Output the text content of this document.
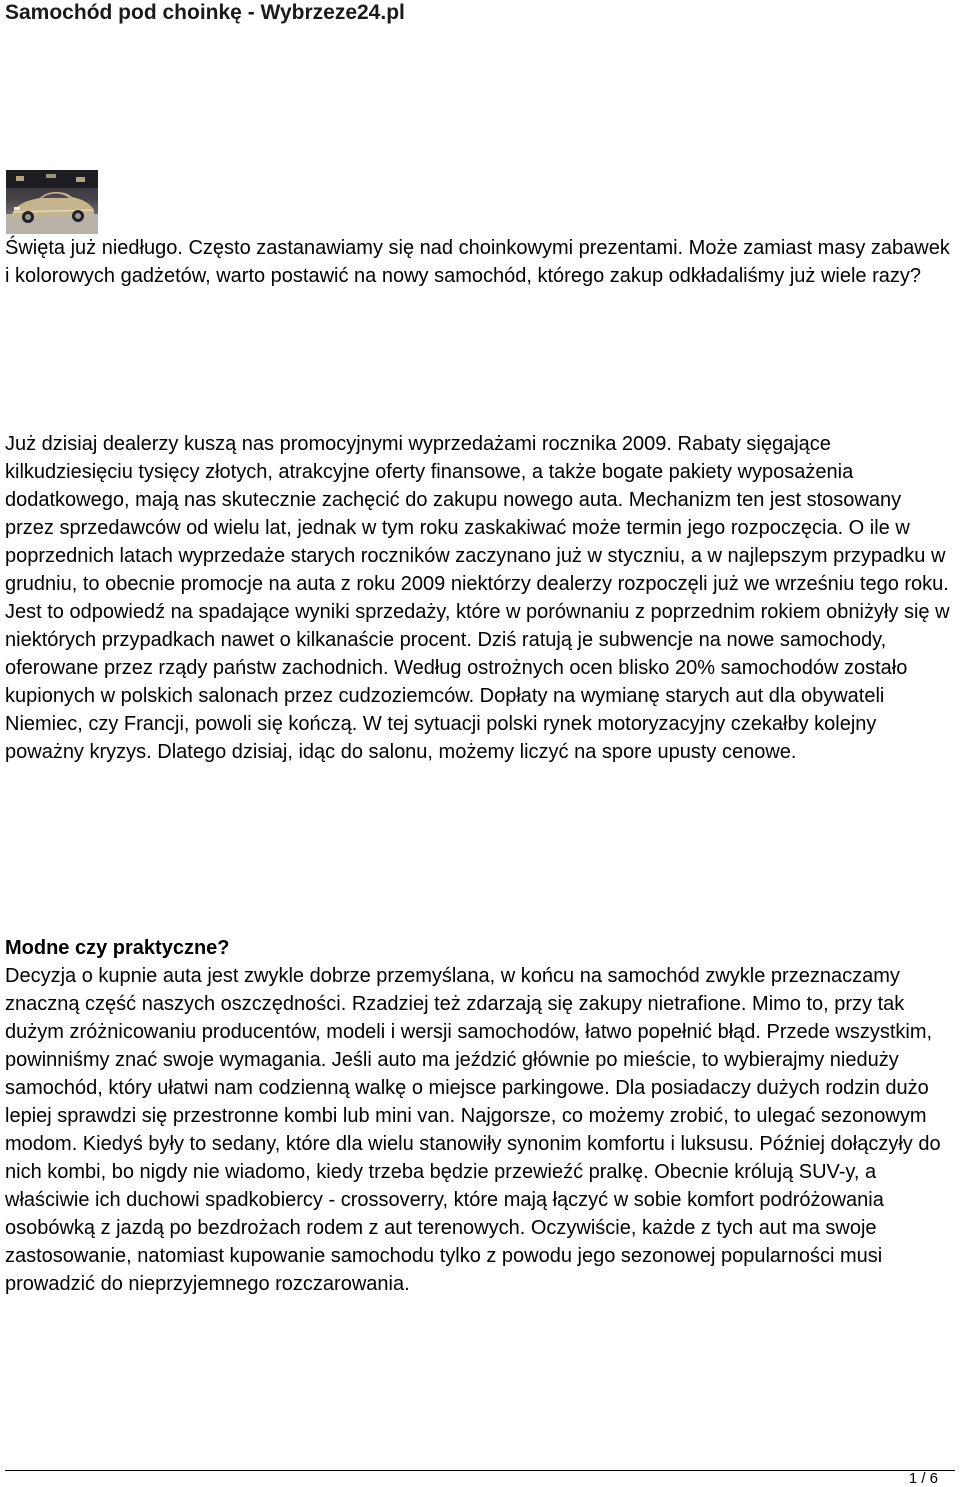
Samochód pod choinkę - Wybrzeze24.pl

Święta już niedługo. Często zastanawiamy się nad choinkowymi prezentami. Może zamiast masy zabawek i kolorowych gadżetów, warto postawić na nowy samochód, którego zakup odkładaliśmy już wiele razy?

Już dzisiaj dealerzy kuszą nas promocyjnymi wyprzedażami rocznika 2009. Rabaty sięgające kilkudziesięciu tysięcy złotych, atrakcyjne oferty finansowe, a także bogate pakiety wyposażenia dodatkowego, mają nas skutecznie zachęcić do zakupu nowego auta. Mechanizm ten jest stosowany przez sprzedawców od wielu lat, jednak w tym roku zaskakiwać może termin jego rozpoczęcia. O ile w poprzednich latach wyprzedaże starych roczników zaczynano już w styczniu, a w najlepszym przypadku w grudniu, to obecnie promocje na auta z roku 2009 niektórzy dealerzy rozpoczęli już we wrześniu tego roku. Jest to odpowiedź na spadające wyniki sprzedaży, które w porównaniu z poprzednim rokiem obniżyły się w niektórych przypadkach nawet o kilkanaście procent. Dziś ratują je subwencje na nowe samochody, oferowane przez rządy państw zachodnich. Według ostrożnych ocen blisko 20% samochodów zostało kupionych w polskich salonach przez cudzoziemców. Dopłaty na wymianę starych aut dla obywateli Niemiec, czy Francji, powoli się kończą. W tej sytuacji polski rynek motoryzacyjny czekałby kolejny poważny kryzys. Dlatego dzisiaj, idąc do salonu, możemy liczyć na spore upusty cenowe.

Modne czy praktyczne?

Decyzja o kupnie auta jest zwykle dobrze przemyślana, w końcu na samochód zwykle przeznaczamy znaczną część naszych oszczędności. Rzadziej też zdarzają się zakupy nietrafione. Mimo to, przy tak dużym zróżnicowaniu producentów, modeli i wersji samochodów, łatwo popełnić błąd. Przede wszystkim, powinniśmy znać swoje wymagania. Jeśli auto ma jeździć głównie po mieście, to wybierajmy nieduży samochód, który ułatwi nam codzienną walkę o miejsce parkingowe. Dla posiadaczy dużych rodzin dużo lepiej sprawdzi się przestronne kombi lub mini van. Najgorsze, co możemy zrobić, to ulegać sezonowym modom. Kiedyś były to sedany, które dla wielu stanowiły synonim komfortu i luksusu. Później dołączyły do nich kombi, bo nigdy nie wiadomo, kiedy trzeba będzie przewieźć pralkę. Obecnie królują SUV-y, a właściwie ich duchowi spadkobiercy - crossoverry, które mają łączyć w sobie komfort podróżowania osobówką z jazdą po bezdrożach rodem z aut terenowych. Oczywiście, każde z tych aut ma swoje zastosowanie, natomiast kupowanie samochodu tylko z powodu jego sezonowej popularności musi prowadzić do nieprzyjemnego rozczarowania.

1 / 6
